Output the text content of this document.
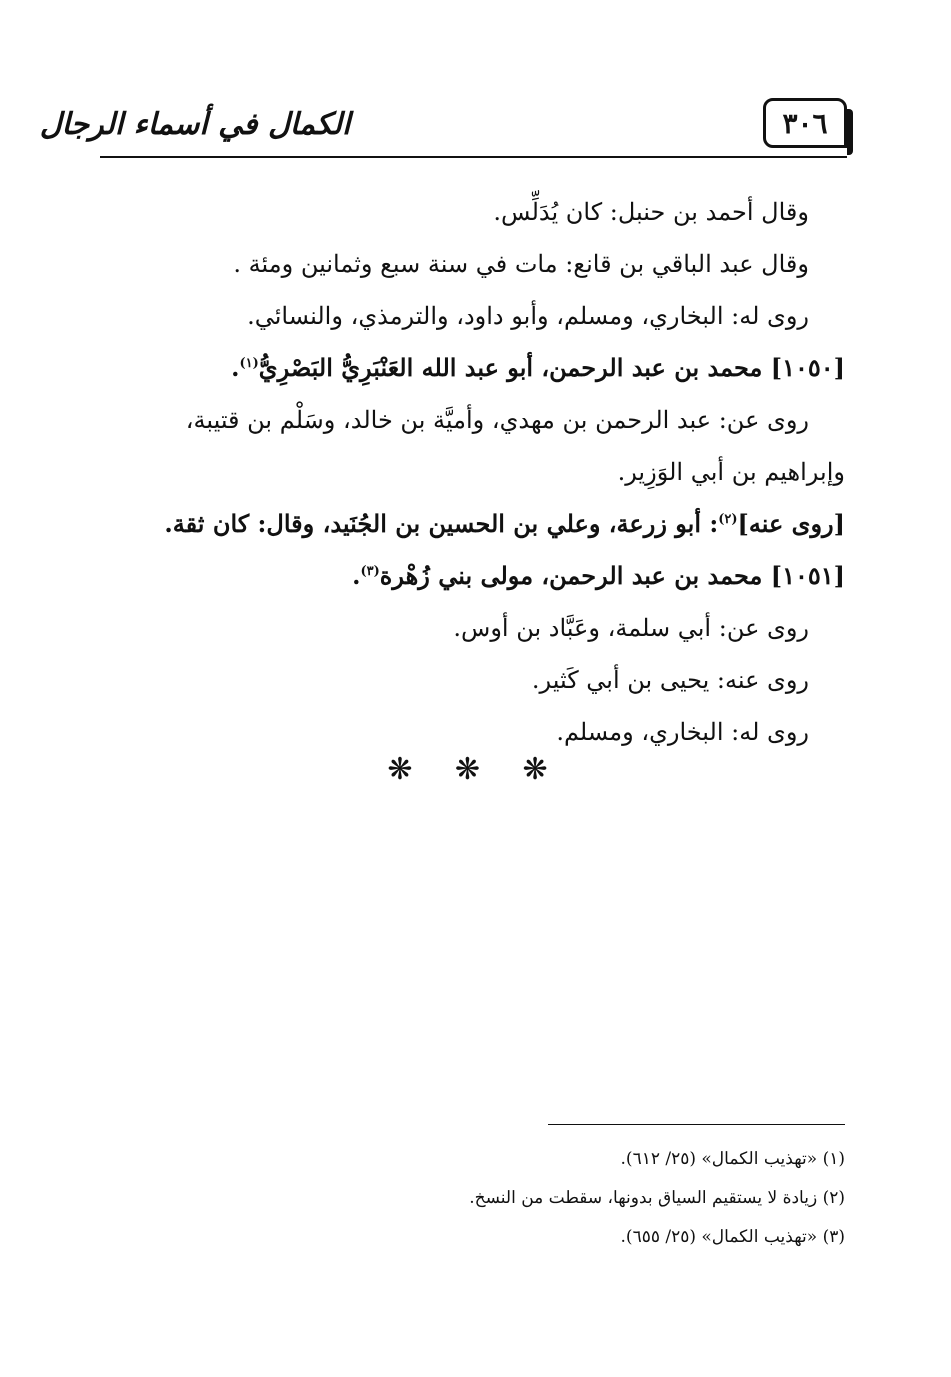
٣٠٦
الكمال في أسماء الرجال
وقال أحمد بن حنبل: كان يُدَلِّس.
وقال عبد الباقي بن قانع: مات في سنة سبع وثمانين ومئة .
روى له: البخاري، ومسلم، وأبو داود، والترمذي، والنسائي.
[١٠٥٠] محمد بن عبد الرحمن، أبو عبد الله العَنْبَرِيُّ البَصْرِيُّ$^{(١)}$.
روى عن: عبد الرحمن بن مهدي، وأميَّة بن خالد، وسَلْم بن قتيبة،
وإبراهيم بن أبي الوَزِير.
[روى عنه]$^{(٢)}$: أبو زرعة، وعلي بن الحسين بن الجُنَيد، وقال: كان ثقة.
[١٠٥١] محمد بن عبد الرحمن، مولى بني زُهْرة$^{(٣)}$.
روى عن: أبي سلمة، وعَبَّاد بن أوس.
روى عنه: يحيى بن أبي كَثير.
روى له: البخاري، ومسلم.
❋ ❋ ❋
(١) «تهذيب الكمال» (٢٥/ ٦١٢).
(٢) زيادة لا يستقيم السياق بدونها، سقطت من النسخ.
(٣) «تهذيب الكمال» (٢٥/ ٦٥٥).
